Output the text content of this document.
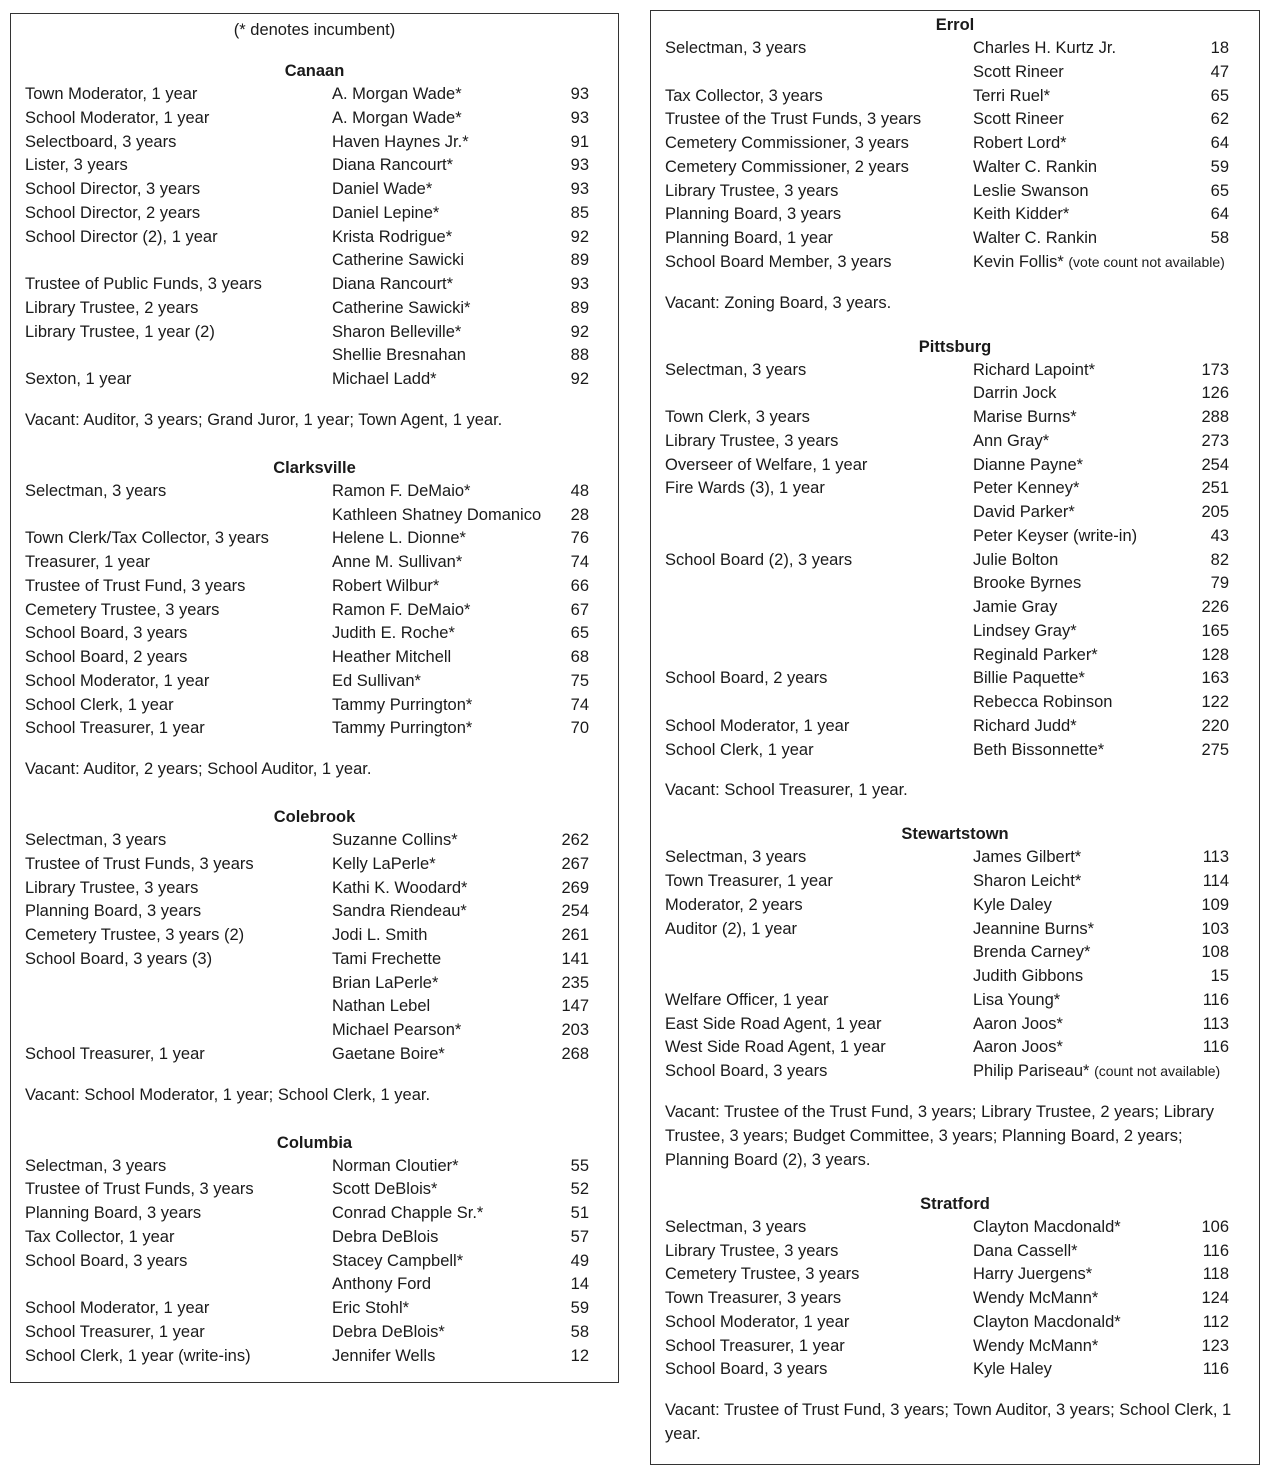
(* denotes incumbent)
Canaan
Town Moderator, 1 year	A. Morgan Wade*	93
School Moderator, 1 year	A. Morgan Wade*	93
Selectboard, 3 years	Haven Haynes Jr.*	91
Lister, 3 years	Diana Rancourt*	93
School Director, 3 years	Daniel Wade*	93
School Director, 2 years	Daniel Lepine*	85
School Director (2), 1 year	Krista Rodrigue*	92
Catherine Sawicki	89
Trustee of Public Funds, 3 years	Diana Rancourt*	93
Library Trustee, 2 years	Catherine Sawicki*	89
Library Trustee, 1 year (2)	Sharon Belleville*	92
Shellie Bresnahan	88
Sexton, 1 year	Michael Ladd*	92
Vacant: Auditor, 3 years; Grand Juror, 1 year; Town Agent, 1 year.
Clarksville
Selectman, 3 years	Ramon F. DeMaio*	48
Kathleen Shatney Domanico 28
Town Clerk/Tax Collector, 3 years	Helene L. Dionne*	76
Treasurer, 1 year	Anne M. Sullivan*	74
Trustee of Trust Fund, 3 years	Robert Wilbur*	66
Cemetery Trustee, 3 years	Ramon F. DeMaio*	67
School Board, 3 years	Judith E. Roche*	65
School Board, 2 years	Heather Mitchell	68
School Moderator, 1 year	Ed Sullivan*	75
School Clerk, 1 year	Tammy Purrington*	74
School Treasurer, 1 year	Tammy Purrington*	70
Vacant: Auditor, 2 years; School Auditor, 1 year.
Colebrook
Selectman, 3 years	Suzanne Collins*	262
Trustee of Trust Funds, 3 years	Kelly LaPerle*	267
Library Trustee, 3 years	Kathi K. Woodard*	269
Planning Board, 3 years	Sandra Riendeau*	254
Cemetery Trustee, 3 years (2)	Jodi L. Smith	261
School Board, 3 years (3)	Tami Frechette	141
Brian LaPerle*	235
Nathan Lebel	147
Michael Pearson*	203
School Treasurer, 1 year	Gaetane Boire*	268
Vacant: School Moderator, 1 year; School Clerk, 1 year.
Columbia
Selectman, 3 years	Norman Cloutier*	55
Trustee of Trust Funds, 3 years	Scott DeBlois*	52
Planning Board, 3 years	Conrad Chapple Sr.*	51
Tax Collector, 1 year	Debra DeBlois	57
School Board, 3 years	Stacey Campbell*	49
Anthony Ford	14
School Moderator, 1 year	Eric Stohl*	59
School Treasurer, 1 year	Debra DeBlois*	58
School Clerk, 1 year (write-ins)	Jennifer Wells	12
Errol
Selectman, 3 years	Charles H. Kurtz Jr.	18
Scott Rineer	47
Tax Collector, 3 years	Terri Ruel*	65
Trustee of the Trust Funds, 3 years	Scott Rineer	62
Cemetery Commissioner, 3 years	Robert Lord*	64
Cemetery Commissioner, 2 years	Walter C. Rankin	59
Library Trustee, 3 years	Leslie Swanson	65
Planning Board, 3 years	Keith Kidder*	64
Planning Board, 1 year	Walter C. Rankin	58
School Board Member, 3 years	Kevin Follis* (vote count not available)
Vacant: Zoning Board, 3 years.
Pittsburg
Selectman, 3 years	Richard Lapoint*	173
Darrin Jock	126
Town Clerk, 3 years	Marise Burns*	288
Library Trustee, 3 years	Ann Gray*	273
Overseer of Welfare, 1 year	Dianne Payne*	254
Fire Wards (3), 1 year	Peter Kenney*	251
David Parker*	205
Peter Keyser (write-in)	43
School Board (2), 3 years	Julie Bolton	82
Brooke Byrnes	79
Jamie Gray	226
Lindsey Gray*	165
Reginald Parker*	128
School Board, 2 years	Billie Paquette*	163
Rebecca Robinson	122
School Moderator, 1 year	Richard Judd*	220
School Clerk, 1 year	Beth Bissonnette*	275
Vacant: School Treasurer, 1 year.
Stewartstown
Selectman, 3 years	James Gilbert*	113
Town Treasurer, 1 year	Sharon Leicht*	114
Moderator, 2 years	Kyle Daley	109
Auditor (2), 1 year	Jeannine Burns*	103
Brenda Carney*	108
Judith Gibbons	15
Welfare Officer, 1 year	Lisa Young*	116
East Side Road Agent, 1 year	Aaron Joos*	113
West Side Road Agent, 1 year	Aaron Joos*	116
School Board, 3 years	Philip Pariseau* (count not available)
Vacant: Trustee of the Trust Fund, 3 years; Library Trustee, 2 years; Library Trustee, 3 years; Budget Committee, 3 years; Planning Board, 2 years; Planning Board (2), 3 years.
Stratford
Selectman, 3 years	Clayton Macdonald*	106
Library Trustee, 3 years	Dana Cassell*	116
Cemetery Trustee, 3 years	Harry Juergens*	118
Town Treasurer, 3 years	Wendy McMann*	124
School Moderator, 1 year	Clayton Macdonald*	112
School Treasurer, 1 year	Wendy McMann*	123
School Board, 3 years	Kyle Haley	116
Vacant: Trustee of Trust Fund, 3 years; Town Auditor, 3 years; School Clerk, 1 year.
